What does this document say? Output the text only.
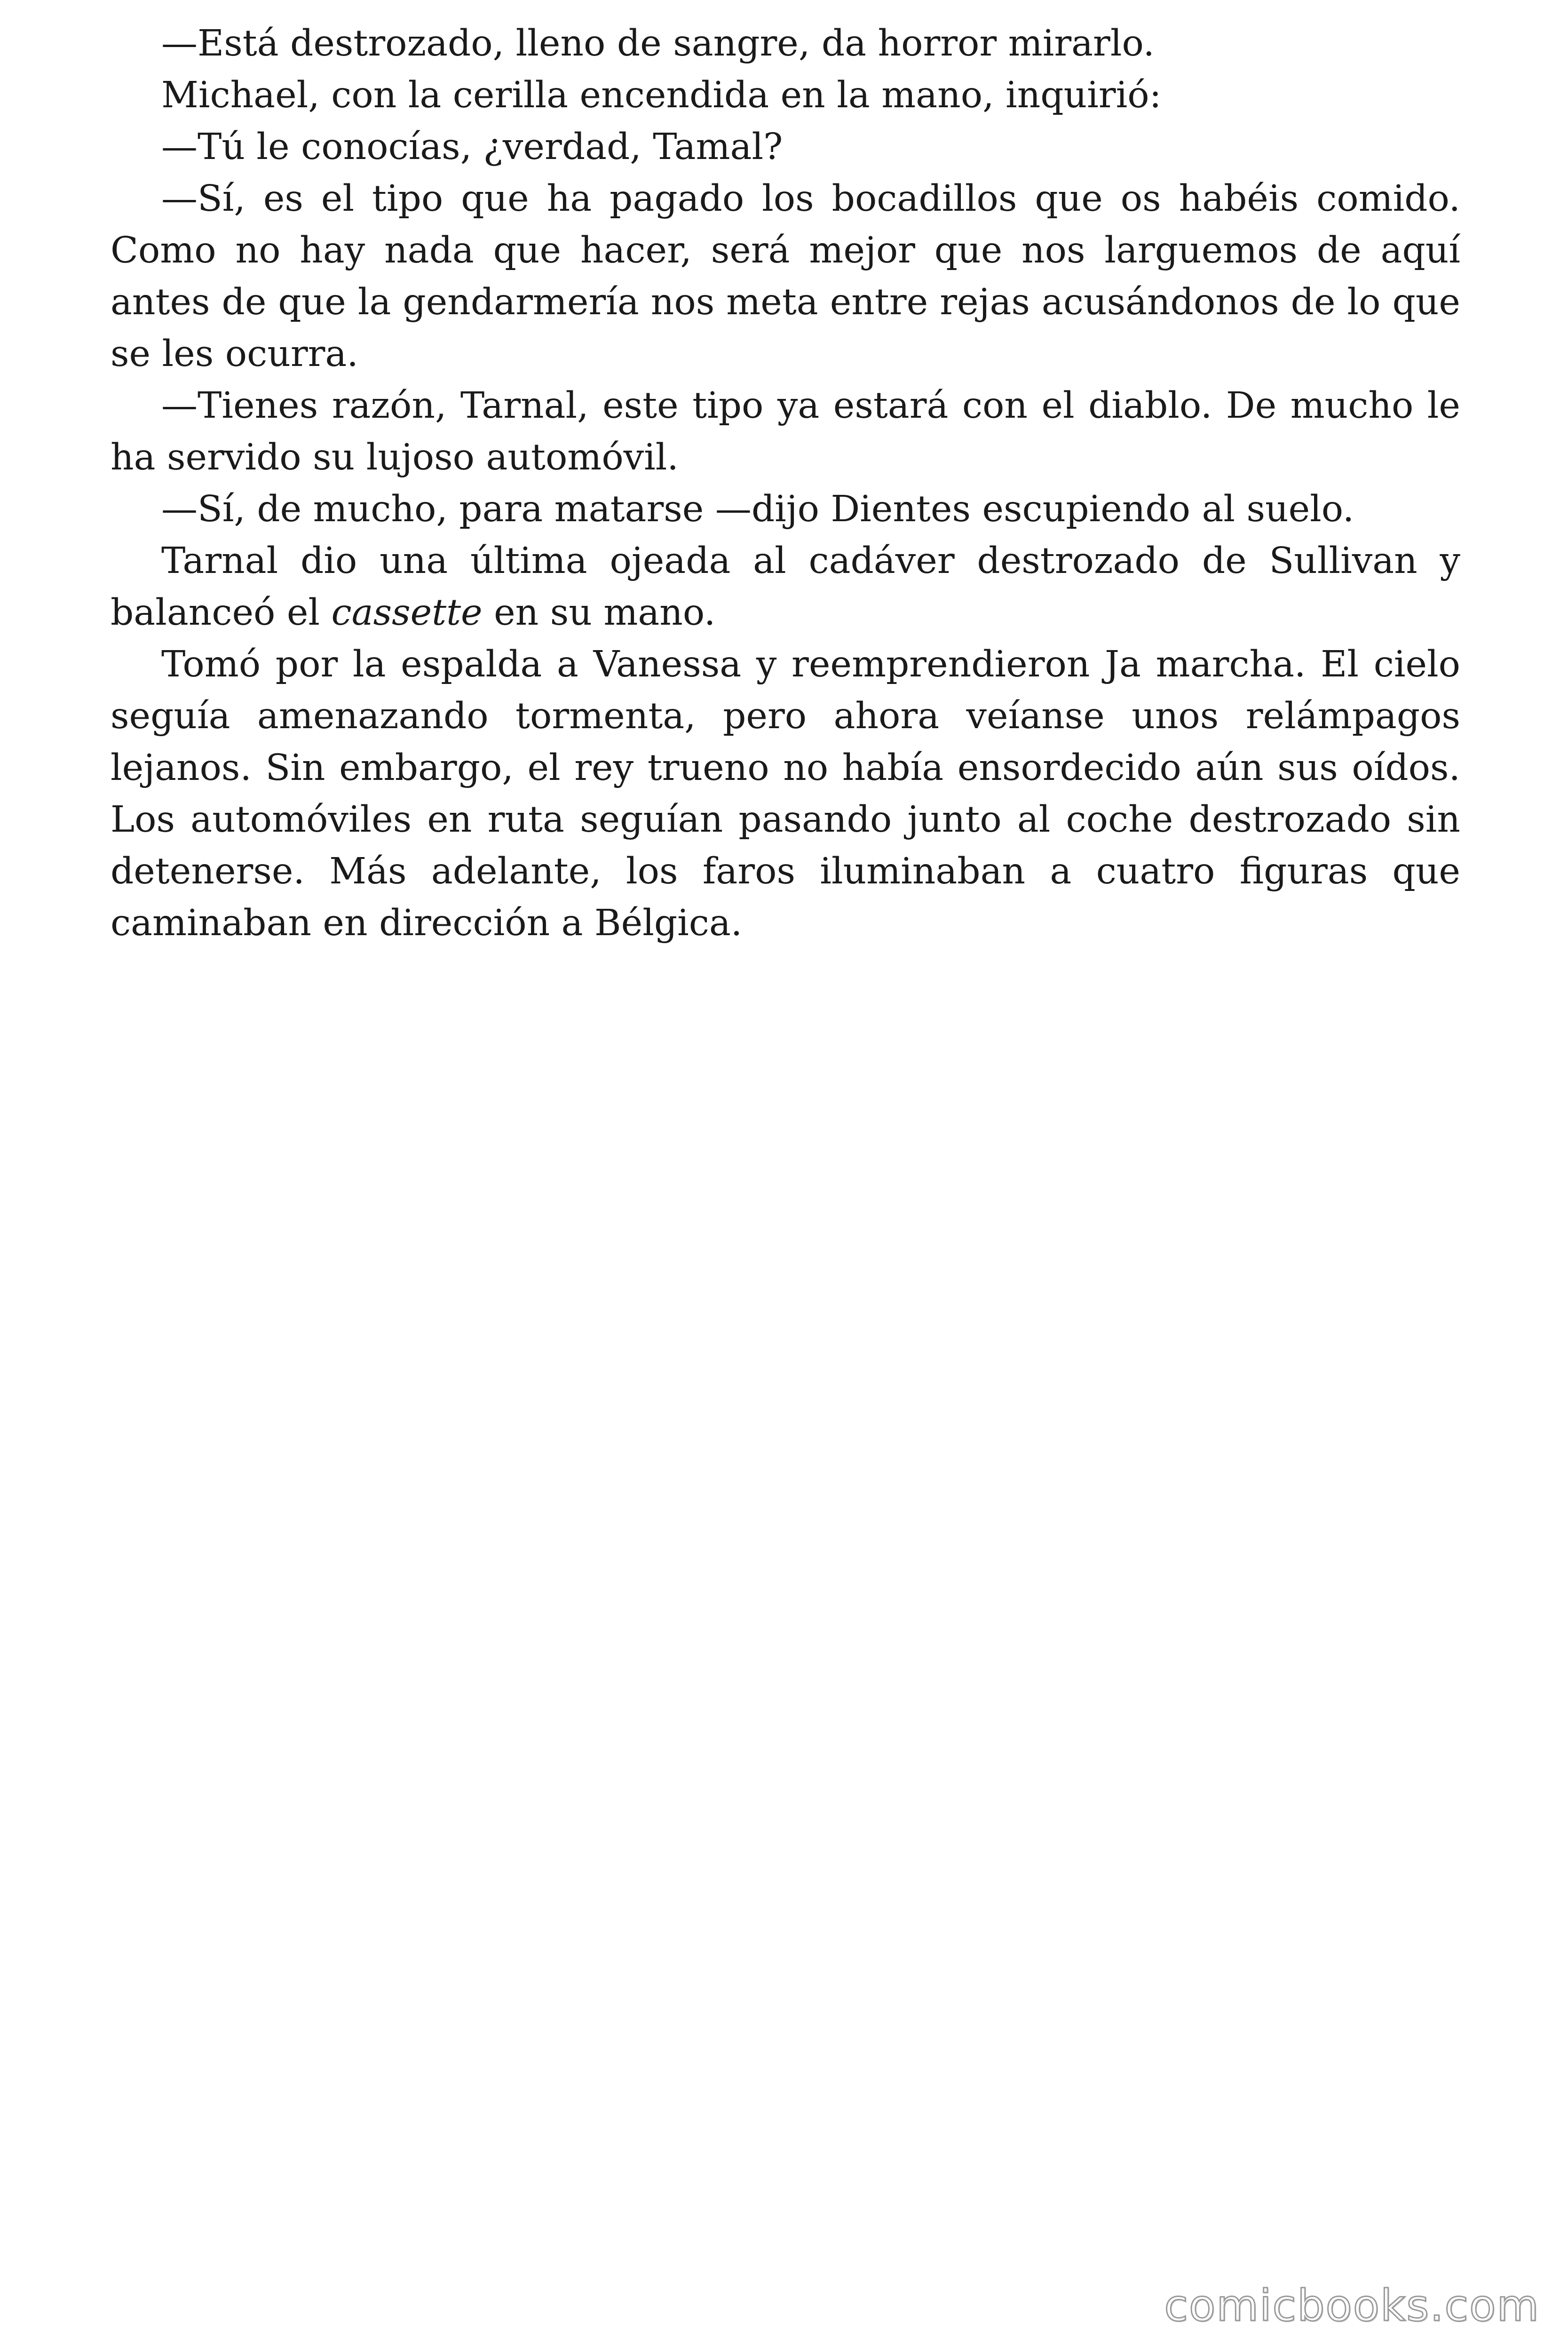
—Está destrozado, lleno de sangre, da horror mirarlo.

Michael, con la cerilla encendida en la mano, inquirió:

—Tú le conocías, ¿verdad, Tamal?

—Sí, es el tipo que ha pagado los bocadillos que os habéis comido. Como no hay nada que hacer, será mejor que nos larguemos de aquí antes de que la gendarmería nos meta entre rejas acusándonos de lo que se les ocurra.

—Tienes razón, Tarnal, este tipo ya estará con el diablo. De mucho le ha servido su lujoso automóvil.

—Sí, de mucho, para matarse —dijo Dientes escupiendo al suelo.

Tarnal dio una última ojeada al cadáver destrozado de Sullivan y balanceó el cassette en su mano.

Tomó por la espalda a Vanessa y reemprendieron Ja marcha. El cielo seguía amenazando tormenta, pero ahora veíanse unos relámpagos lejanos. Sin embargo, el rey trueno no había ensordecido aún sus oídos. Los automóviles en ruta seguían pasando junto al coche destrozado sin detenerse. Más adelante, los faros iluminaban a cuatro figuras que caminaban en dirección a Bélgica.

comicbooks.com
